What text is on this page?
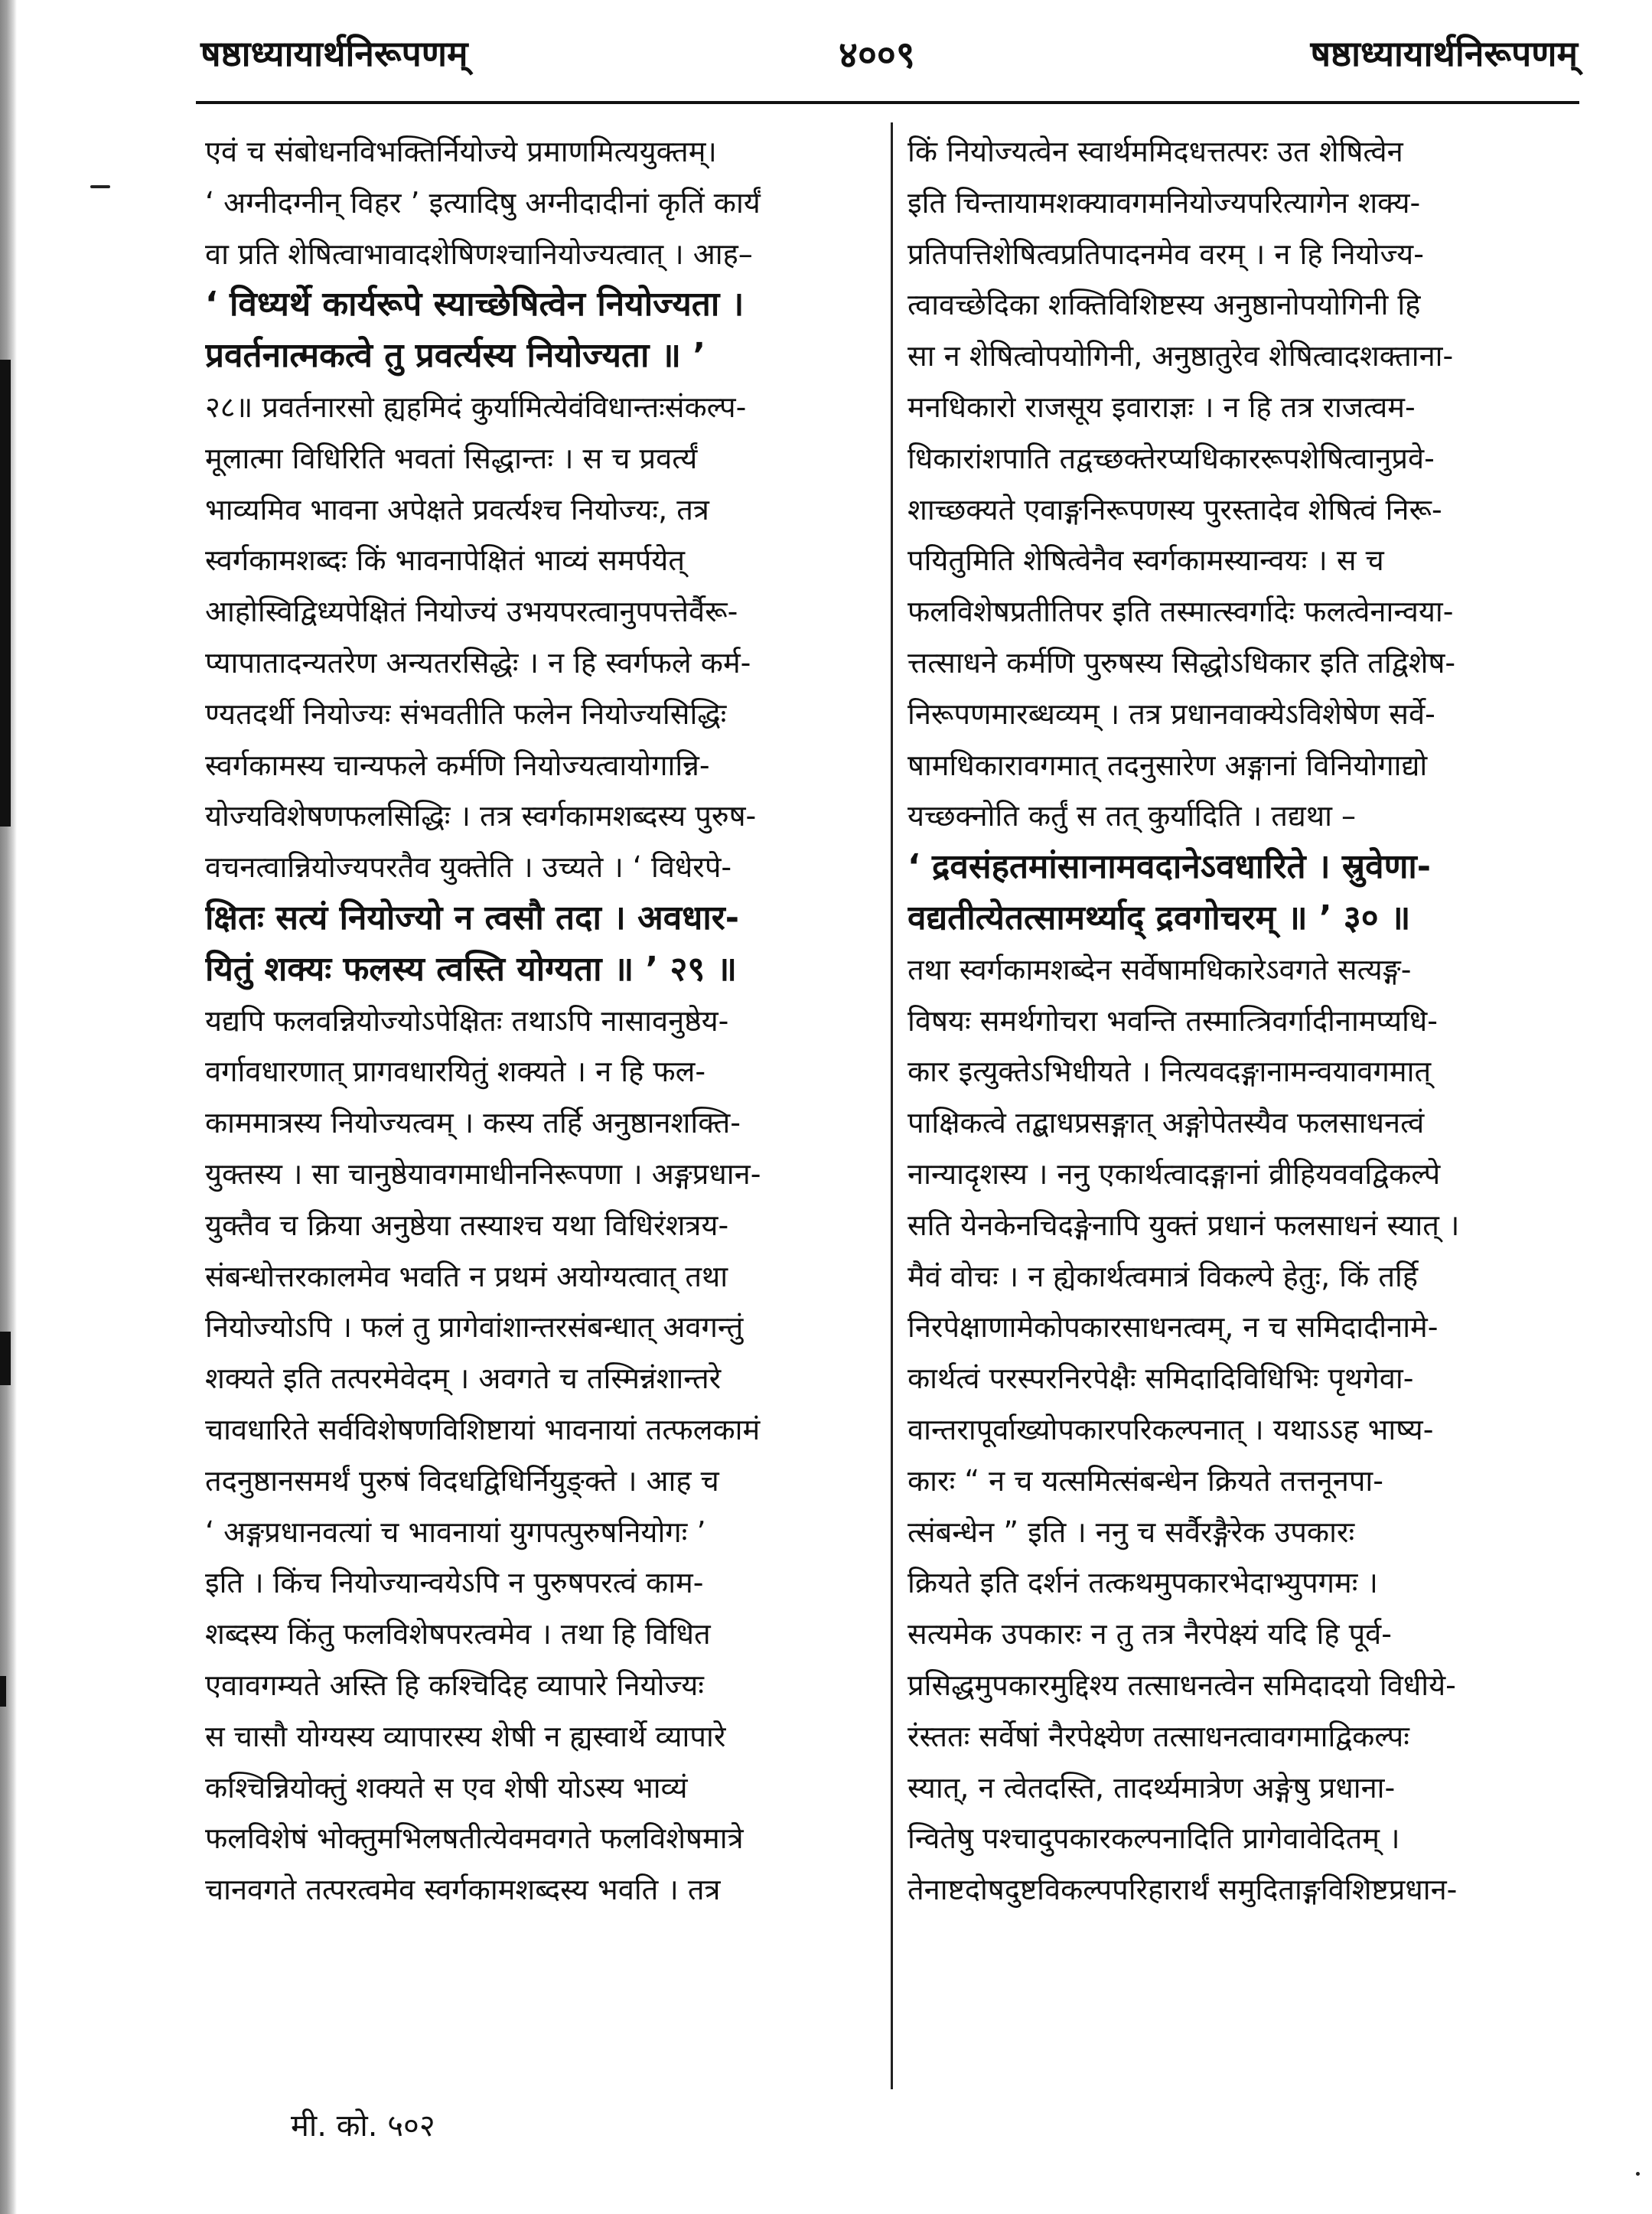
षष्ठाध्यायार्थनिरूपणम्	४००९	षष्ठाध्यायार्थनिरूपणम्
एवं च संबोधनविभक्तिर्नियोज्ये प्रमाणमित्ययुक्तम्।
‘ अग्नीदग्नीन् विहर ’ इत्यादिषु अग्नीदादीनां कृतिं कार्यं
वा प्रति शेषित्वाभावादशेषिणश्चानियोज्यत्वात् । आह–
‘ विध्यर्थे कार्यरूपे स्याच्छेषित्वेन नियोज्यता ।
प्रवर्तनात्मकत्वे तु प्रवर्त्यस्य नियोज्यता ॥ ’
२८॥ प्रवर्तनारसो ह्यहमिदं कुर्यामित्येवंविधान्तःसंकल्प-
मूलात्मा विधिरिति भवतां सिद्धान्तः । स च प्रवर्त्यं
भाव्यमिव भावना अपेक्षते प्रवर्त्यश्च नियोज्यः, तत्र
स्वर्गकामशब्दः किं भावनापेक्षितं भाव्यं समर्पयेत्
आहोस्विद्विध्यपेक्षितं नियोज्यं उभयपरत्वानुपपत्तेर्वैरू-
प्यापातादन्यतरेण अन्यतरसिद्धेः । न हि स्वर्गफले कर्म-
ण्यतदर्थी नियोज्यः संभवतीति फलेन नियोज्यसिद्धिः
स्वर्गकामस्य चान्यफले कर्मणि नियोज्यत्वायोगान्नि-
योज्यविशेषणफलसिद्धिः । तत्र स्वर्गकामशब्दस्य पुरुष-
वचनत्वान्नियोज्यपरतैव युक्तेति । उच्यते । ‘ विधेरपे-
क्षितः सत्यं नियोज्यो न त्वसौ तदा । अवधार-
यितुं शक्यः फलस्य त्वस्ति योग्यता ॥ ’ २९ ॥
यद्यपि फलवन्नियोज्योऽपेक्षितः तथाऽपि नासावनुष्ठेय-
वर्गावधारणात् प्रागवधारयितुं शक्यते । न हि फल-
काममात्रस्य नियोज्यत्वम् । कस्य तर्हि अनुष्ठानशक्ति-
युक्तस्य । सा चानुष्ठेयावगमाधीननिरूपणा । अङ्गप्रधान-
युक्तैव च क्रिया अनुष्ठेया तस्याश्च यथा विधिरंशत्रय-
संबन्धोत्तरकालमेव भवति न प्रथमं अयोग्यत्वात् तथा
नियोज्योऽपि । फलं तु प्रागेवांशान्तरसंबन्धात् अवगन्तुं
शक्यते इति तत्परमेवेदम् । अवगते च तस्मिन्नंशान्तरे
चावधारिते सर्वविशेषणविशिष्टायां भावनायां तत्फलकामं
तदनुष्ठानसमर्थं पुरुषं विदधद्विधिर्नियुङ्क्ते । आह च
‘ अङ्गप्रधानवत्यां च भावनायां युगपत्पुरुषनियोगः ’
इति । किंच नियोज्यान्वयेऽपि न पुरुषपरत्वं काम-
शब्दस्य किंतु फलविशेषपरत्वमेव । तथा हि विधित
एवावगम्यते अस्ति हि कश्चिदिह व्यापारे नियोज्यः
स चासौ योग्यस्य व्यापारस्य शेषी न ह्यस्वार्थे व्यापारे
कश्चिन्नियोक्तुं शक्यते स एव शेषी योऽस्य भाव्यं
फलविशेषं भोक्तुमभिलषतीत्येवमवगते फलविशेषमात्रे
चानवगते तत्परत्वमेव स्वर्गकामशब्दस्य भवति । तत्र
किं नियोज्यत्वेन स्वार्थममिदधत्तत्परः उत शेषित्वेन
इति चिन्तायामशक्यावगमनियोज्यपरित्यागेन शक्य-
प्रतिपत्तिशेषित्वप्रतिपादनमेव वरम् । न हि नियोज्य-
त्वावच्छेदिका शक्तिविशिष्टस्य अनुष्ठानोपयोगिनी हि
सा न शेषित्वोपयोगिनी, अनुष्ठातुरेव शेषित्वादशक्ताना-
मनधिकारो राजसूय इवाराज्ञः । न हि तत्र राजत्वम-
धिकारांशपाति तद्वच्छक्तेरप्यधिकाररूपशेषित्वानुप्रवे-
शाच्छक्यते एवाङ्गनिरूपणस्य पुरस्तादेव शेषित्वं निरू-
पयितुमिति शेषित्वेनैव स्वर्गकामस्यान्वयः । स च
फलविशेषप्रतीतिपर इति तस्मात्स्वर्गादेः फलत्वेनान्वया-
त्तत्साधने कर्मणि पुरुषस्य सिद्धोऽधिकार इति तद्विशेष-
निरूपणमारब्धव्यम् । तत्र प्रधानवाक्येऽविशेषेण सर्वे-
षामधिकारावगमात् तदनुसारेण अङ्गानां विनियोगाद्यो
यच्छक्नोति कर्तुं स तत् कुर्यादिति । तद्यथा –
‘ द्रवसंहतमांसानामवदानेऽवधारिते । स्रुवेणा-
वद्यतीत्येतत्सामर्थ्याद् द्रवगोचरम् ॥ ’ ३० ॥
तथा स्वर्गकामशब्देन सर्वेषामधिकारेऽवगते सत्यङ्ग-
विषयः समर्थगोचरा भवन्ति तस्मात्त्रिवर्गादीनामप्यधि-
कार इत्युक्तेऽभिधीयते । नित्यवदङ्गानामन्वयावगमात्
पाक्षिकत्वे तद्बाधप्रसङ्गात् अङ्गोपेतस्यैव फलसाधनत्वं
नान्यादृशस्य । ननु एकार्थत्वादङ्गानां व्रीहियववद्विकल्पे
सति येनकेनचिदङ्गेनापि युक्तं प्रधानं फलसाधनं स्यात् ।
मैवं वोचः । न ह्येकार्थत्वमात्रं विकल्पे हेतुः, किं तर्हि
निरपेक्षाणामेकोपकारसाधनत्वम्, न च समिदादीनामे-
कार्थत्वं परस्परनिरपेक्षैः समिदादिविधिभिः पृथगेवा-
वान्तरापूर्वाख्योपकारपरिकल्पनात् । यथाऽऽह भाष्य-
कारः “ न च यत्समित्संबन्धेन क्रियते तत्तनूनपा-
त्संबन्धेन ” इति । ननु च सर्वैरङ्गैरेक उपकारः
क्रियते इति दर्शनं तत्कथमुपकारभेदाभ्युपगमः ।
सत्यमेक उपकारः न तु तत्र नैरपेक्ष्यं यदि हि पूर्व-
प्रसिद्धमुपकारमुद्दिश्य तत्साधनत्वेन समिदादयो विधीये-
रंस्ततः सर्वेषां नैरपेक्ष्येण तत्साधनत्वावगमाद्विकल्पः
स्यात्, न त्वेतदस्ति, तादर्थ्यमात्रेण अङ्गेषु प्रधाना-
न्वितेषु पश्चादुपकारकल्पनादिति प्रागेवावेदितम् ।
तेनाष्टदोषदुष्टविकल्पपरिहारार्थं समुदिताङ्गविशिष्टप्रधान-
मी. को. ५०२
